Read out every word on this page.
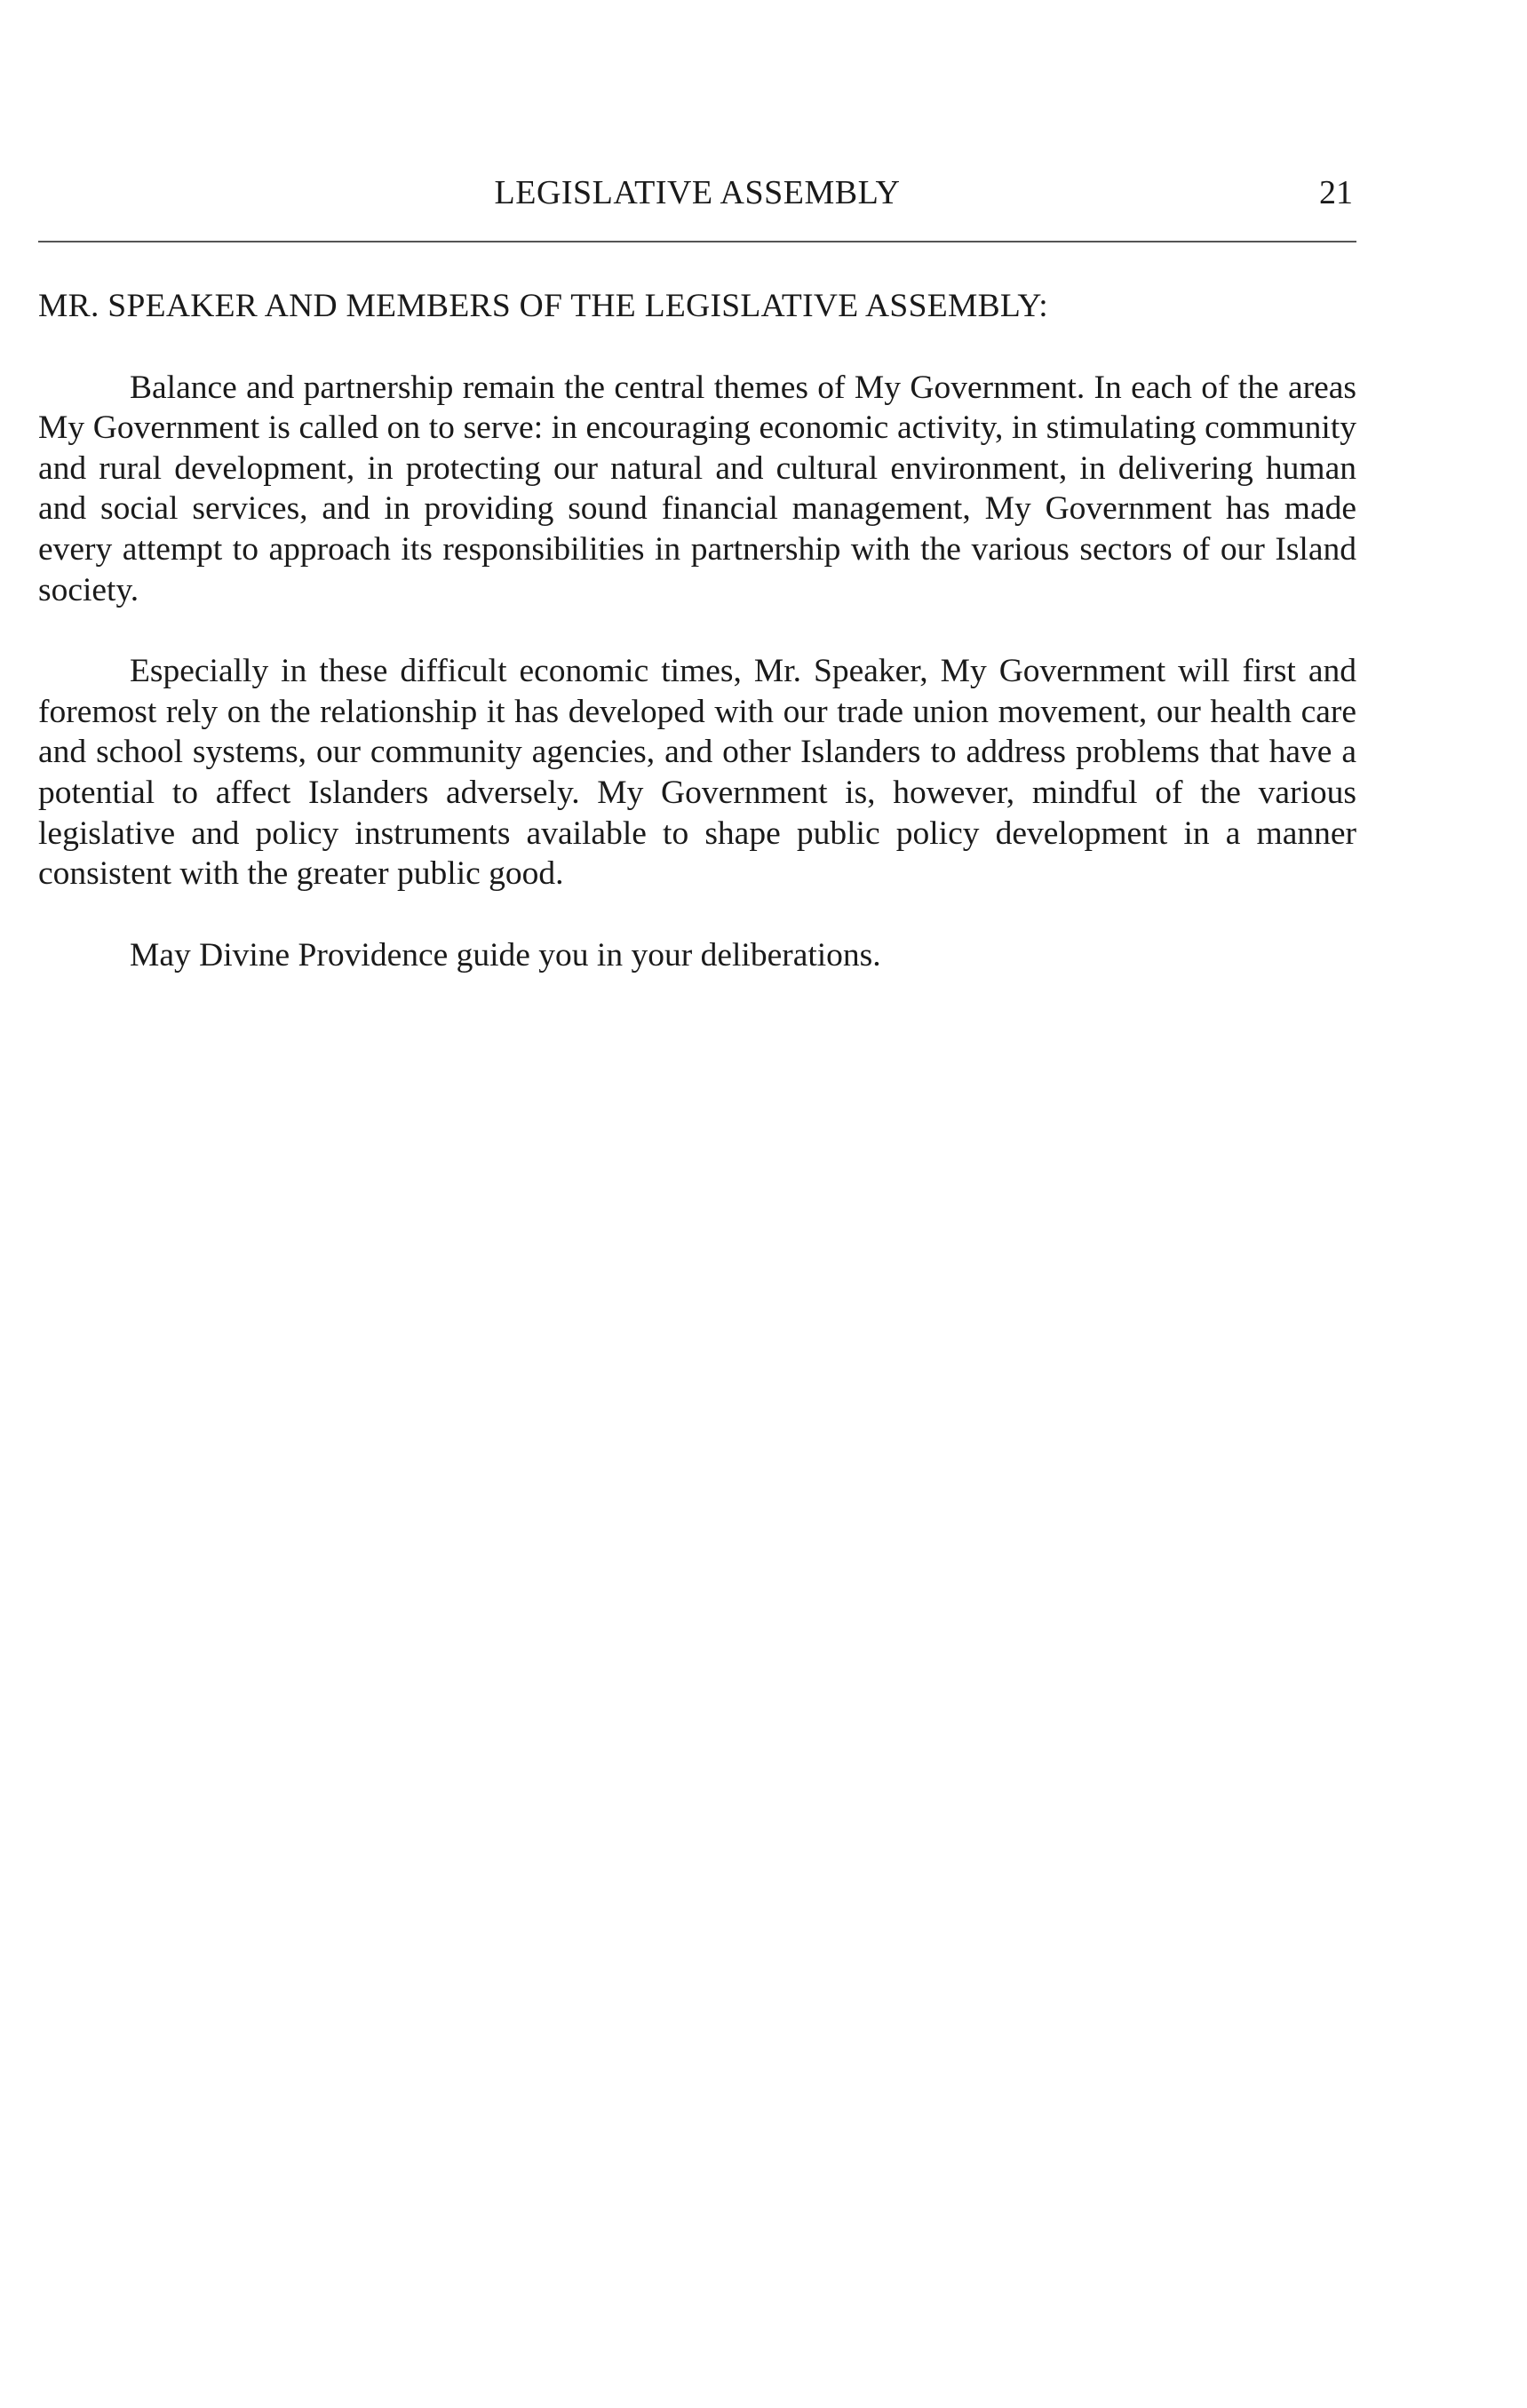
LEGISLATIVE ASSEMBLY	21

MR. SPEAKER AND MEMBERS OF THE LEGISLATIVE ASSEMBLY:

Balance and partnership remain the central themes of My Government. In each of the areas My Government is called on to serve: in encouraging economic activity, in stimulating community and rural development, in protecting our natural and cultural environment, in delivering human and social services, and in providing sound financial management, My Government has made every attempt to approach its responsibilities in partnership with the various sectors of our Island society.

Especially in these difficult economic times, Mr. Speaker, My Government will first and foremost rely on the relationship it has developed with our trade union movement, our health care and school systems, our community agencies, and other Islanders to address problems that have a potential to affect Islanders adversely. My Government is, however, mindful of the various legislative and policy instruments available to shape public policy development in a manner consistent with the greater public good.

May Divine Providence guide you in your deliberations.
